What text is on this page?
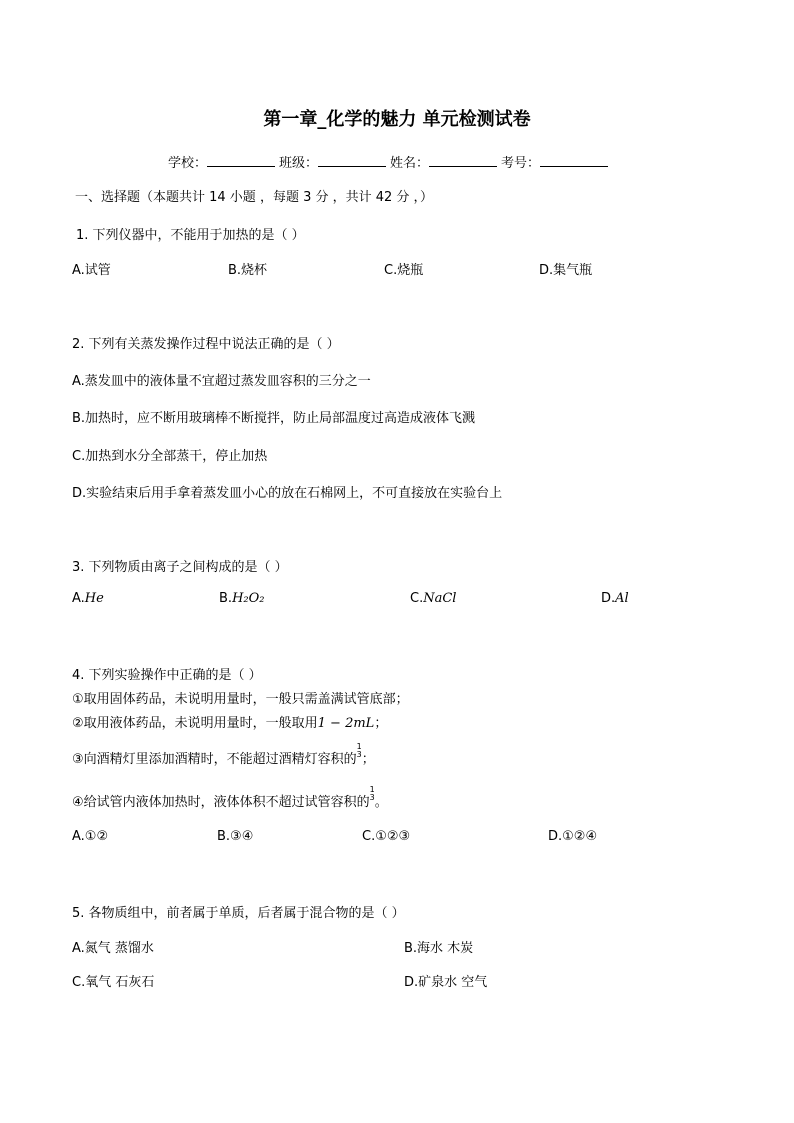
第一章_化学的魅力 单元检测试卷
学校：	班级：	姓名：	考号：
一、选择题（本题共计 14 小题 ，每题 3 分 ，共计 42 分 ，）
1. 下列仪器中，不能用于加热的是（ ）
A.试管	B.烧杯	C.烧瓶	D.集气瓶
2. 下列有关蒸发操作过程中说法正确的是（ ）
A.蒸发皿中的液体量不宜超过蒸发皿容积的三分之一
B.加热时，应不断用玻璃棒不断搅拌，防止局部温度过高造成液体飞溅
C.加热到水分全部蒸干，停止加热
D.实验结束后用手拿着蒸发皿小心的放在石棉网上，不可直接放在实验台上
3. 下列物质由离子之间构成的是（ ）
A.He	B.H₂O₂	C.NaCl	D.Al
4. 下列实验操作中正确的是（ ）
①取用固体药品，未说明用量时，一般只需盖满试管底部；
②取用液体药品，未说明用量时，一般取用1 − 2mL；
③向酒精灯里添加酒精时，不能超过酒精灯容积的
1
3 ；
④给试管内液体加热时，液体体积不超过试管容积的
1
3 。
A.①②	B.③④	C.①②③	D.①②④
5. 各物质组中，前者属于单质，后者属于混合物的是（ ）
A.氮气 蒸馏水	B.海水 木炭
C.氧气 石灰石	D.矿泉水 空气
